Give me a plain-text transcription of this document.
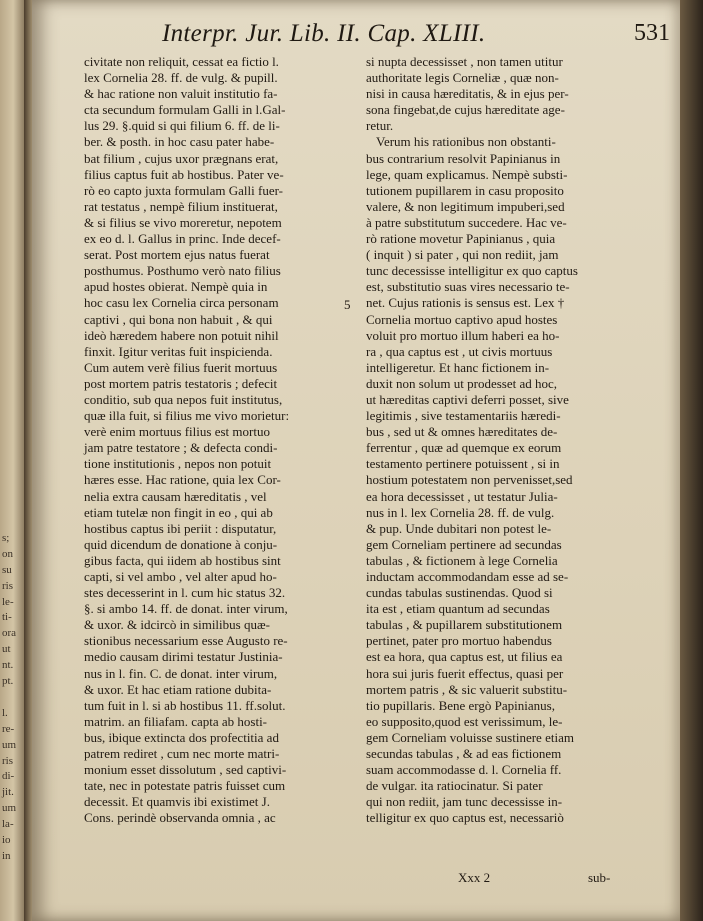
s;
on
su
ris
le-
ti-
ora
ut
nt.
pt.
l.
re-
um
ris
di-
jit.
um
la-
io
in
Interpr. Jur. Lib. II. Cap. XLIII.	531
civitate non reliquit, cessat ea fictio l.
lex Cornelia 28. ff. de vulg. & pupill.
& hac ratione non valuit institutio fa-
cta secundum formulam Galli in l.Gal-
lus 29. §.quid si qui filium 6. ff. de li-
ber. & posth. in hoc casu pater habe-
bat filium , cujus uxor prægnans erat,
filius captus fuit ab hostibus. Pater ve-
rò eo capto juxta formulam Galli fuer-
rat testatus , nempè filium instituerat,
& si filius se vivo moreretur, nepotem
ex eo d. l. Gallus in princ. Inde decef-
serat. Post mortem ejus natus fuerat
posthumus. Posthumo verò nato filius
apud hostes obierat. Nempè quia in
hoc casu lex Cornelia circa personam
captivi , qui bona non habuit , & qui
ideò hæredem habere non potuit nihil
finxit. Igitur veritas fuit inspicienda.
Cum autem verè filius fuerit mortuus
post mortem patris testatoris ; defecit
conditio, sub qua nepos fuit institutus,
quæ illa fuit, si filius me vivo morietur:
verè enim mortuus filius est mortuo
jam patre testatore ; & defecta condi-
tione institutionis , nepos non potuit
hæres esse. Hac ratione, quia lex Cor-
nelia extra causam hæreditatis , vel
etiam tutelæ non fingit in eo , qui ab
hostibus captus ibi periit : disputatur,
quid dicendum de donatione à conju-
gibus facta, qui iidem ab hostibus sint
capti, si vel ambo , vel alter apud ho-
stes decesserint in l. cum hic status 32.
§. si ambo 14. ff. de donat. inter virum,
& uxor. & idcircò in similibus quæ-
stionibus necessarium esse Augusto re-
medio causam dirimi testatur Justinia-
nus in l. fin. C. de donat. inter virum,
& uxor. Et hac etiam ratione dubita-
tum fuit in l. si ab hostibus 11. ff.solut.
matrim. an filiafam. capta ab hosti-
bus, ibique extincta dos profectitia ad
patrem rediret , cum nec morte matri-
monium esset dissolutum , sed captivi-
tate, nec in potestate patris fuisset cum
decessit. Et quamvis ibi existimet J.
Cons. perindè observanda omnia , ac
5
si nupta decessisset , non tamen utitur
authoritate legis Corneliæ , quæ non-
nisi in causa hæreditatis, & in ejus per-
sona fingebat,de cujus hæreditate age-
retur.
Verum his rationibus non obstanti-
bus contrarium resolvit Papinianus in
lege, quam explicamus. Nempè substi-
tutionem pupillarem in casu proposito
valere, & non legitimum impuberi,sed
à patre substitutum succedere. Hac ve-
rò ratione movetur Papinianus , quia
( inquit ) si pater , qui non rediit, jam
tunc decessisse intelligitur ex quo captus
est, substitutio suas vires necessario te-
net. Cujus rationis is sensus est. Lex †
Cornelia mortuo captivo apud hostes
voluit pro mortuo illum haberi ea ho-
ra , qua captus est , ut civis mortuus
intelligeretur. Et hanc fictionem in-
duxit non solum ut prodesset ad hoc,
ut hæreditas captivi deferri posset, sive
legitimis , sive testamentariis hæredi-
bus , sed ut & omnes hæreditates de-
ferrentur , quæ ad quemque ex eorum
testamento pertinere potuissent , si in
hostium potestatem non pervenisset,sed
ea hora decessisset , ut testatur Julia-
nus in l. lex Cornelia 28. ff. de vulg.
& pup. Unde dubitari non potest le-
gem Corneliam pertinere ad secundas
tabulas , & fictionem à lege Cornelia
inductam accommodandam esse ad se-
cundas tabulas sustinendas. Quod si
ita est , etiam quantum ad secundas
tabulas , & pupillarem substitutionem
pertinet, pater pro mortuo habendus
est ea hora, qua captus est, ut filius ea
hora sui juris fuerit effectus, quasi per
mortem patris , & sic valuerit substitu-
tio pupillaris. Bene ergò Papinianus,
eo supposito,quod est verissimum, le-
gem Corneliam voluisse sustinere etiam
secundas tabulas , & ad eas fictionem
suam accommodasse d. l. Cornelia ff.
de vulgar. ita ratiocinatur. Si pater
qui non rediit, jam tunc decessisse in-
telligitur ex quo captus est, necessariò
Xxx 2	sub-
